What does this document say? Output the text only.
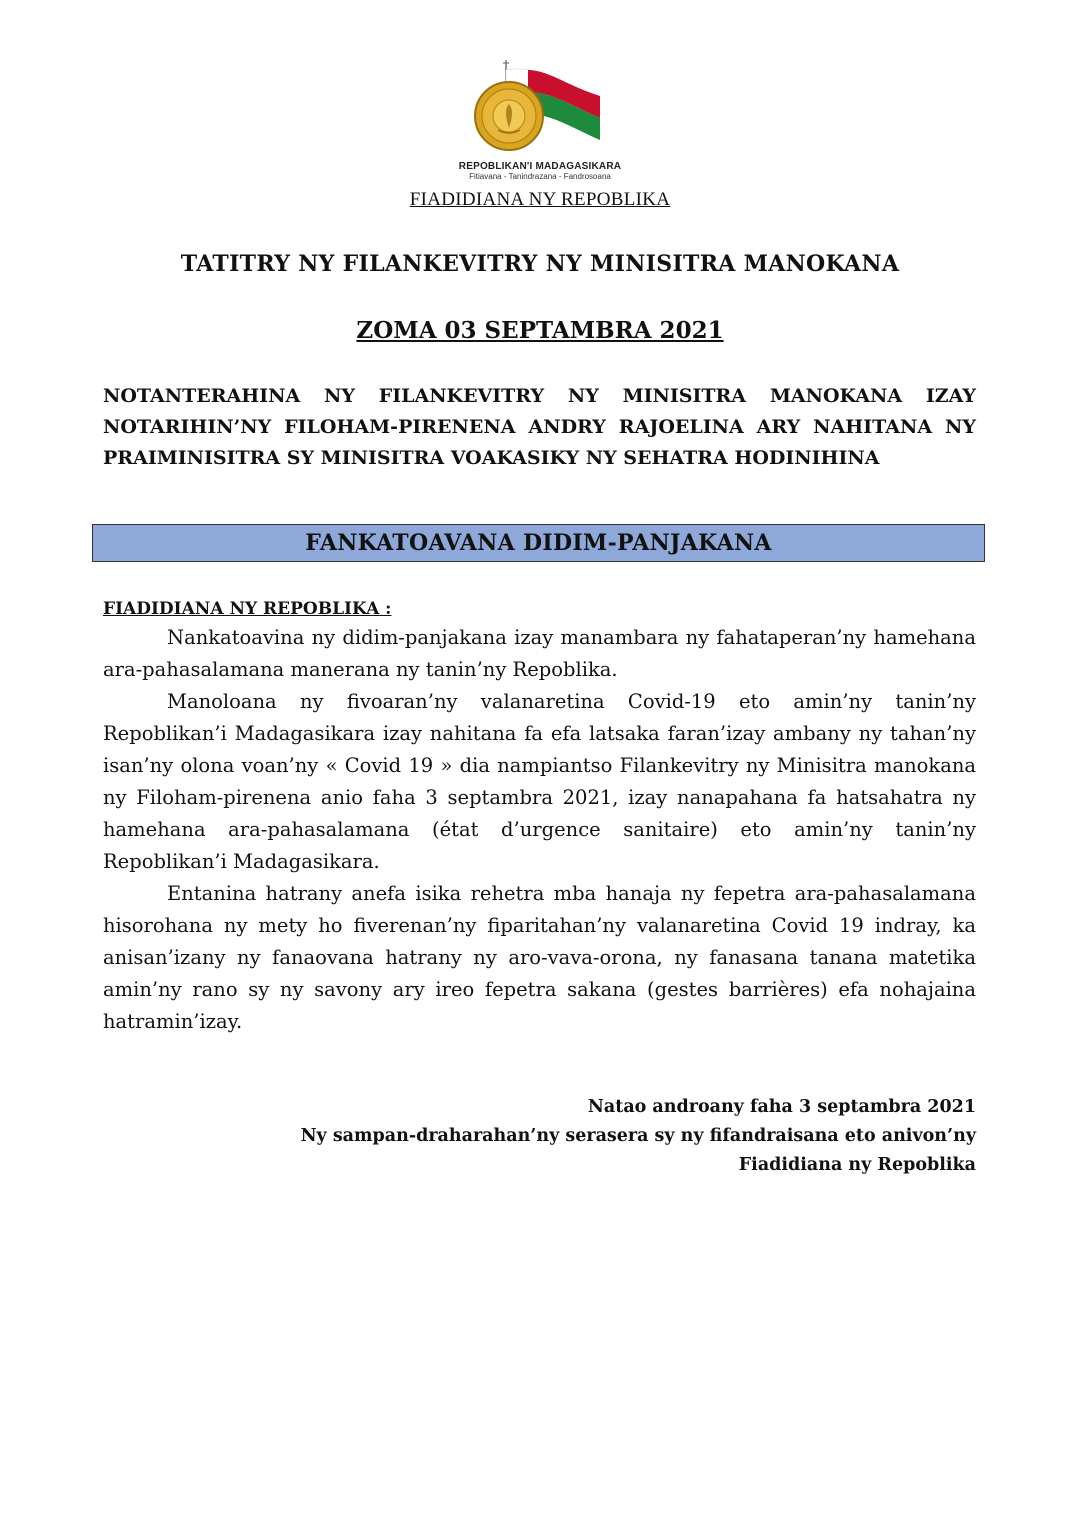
REPOBLIKAN'I MADAGASIKARA
Fitiavana - Tanindrazana - Fandrosoana
FIADIDIANA NY REPOBLIKA
TATITRY NY FILANKEVITRY NY MINISITRA MANOKANA
ZOMA 03 SEPTAMBRA 2021
NOTANTERAHINA NY FILANKEVITRY NY MINISITRA MANOKANA IZAY NOTARIHIN’NY FILOHAM-PIRENENA ANDRY RAJOELINA ARY NAHITANA NY PRAIMINISITRA SY MINISITRA VOAKASIKY NY SEHATRA HODINIHINA
FANKATOAVANA DIDIM-PANJAKANA
FIADIDIANA NY REPOBLIKA :

Nankatoavina ny didim-panjakana izay manambara ny fahataperan’ny hamehana ara-pahasalamana manerana ny tanin’ny Repoblika.

Manoloana ny fivoaran’ny valanaretina Covid-19 eto amin’ny tanin’ny Repoblikan’i Madagasikara izay nahitana fa efa latsaka faran’izay ambany ny tahan’ny isan’ny olona voan’ny « Covid 19 » dia nampiantso Filankevitry ny Minisitra manokana ny Filoham-pirenena anio faha 3 septambra 2021, izay nanapahana fa hatsahatra ny hamehana ara-pahasalamana (état d’urgence sanitaire) eto amin’ny tanin’ny Repoblikan’i Madagasikara.

Entanina hatrany anefa isika rehetra mba hanaja ny fepetra ara-pahasalamana hisorohana ny mety ho fiverenan’ny fiparitahan’ny valanaretina Covid 19 indray, ka anisan’izany ny fanaovana hatrany ny aro-vava-orona, ny fanasana tanana matetika amin’ny rano sy ny savony ary ireo fepetra sakana (gestes barrières) efa nohajaina hatramin’izay.

Natao androany faha 3 septambra 2021
Ny sampan-draharahan’ny serasera sy ny fifandraisana eto anivon’ny
Fiadidiana ny Repoblika
